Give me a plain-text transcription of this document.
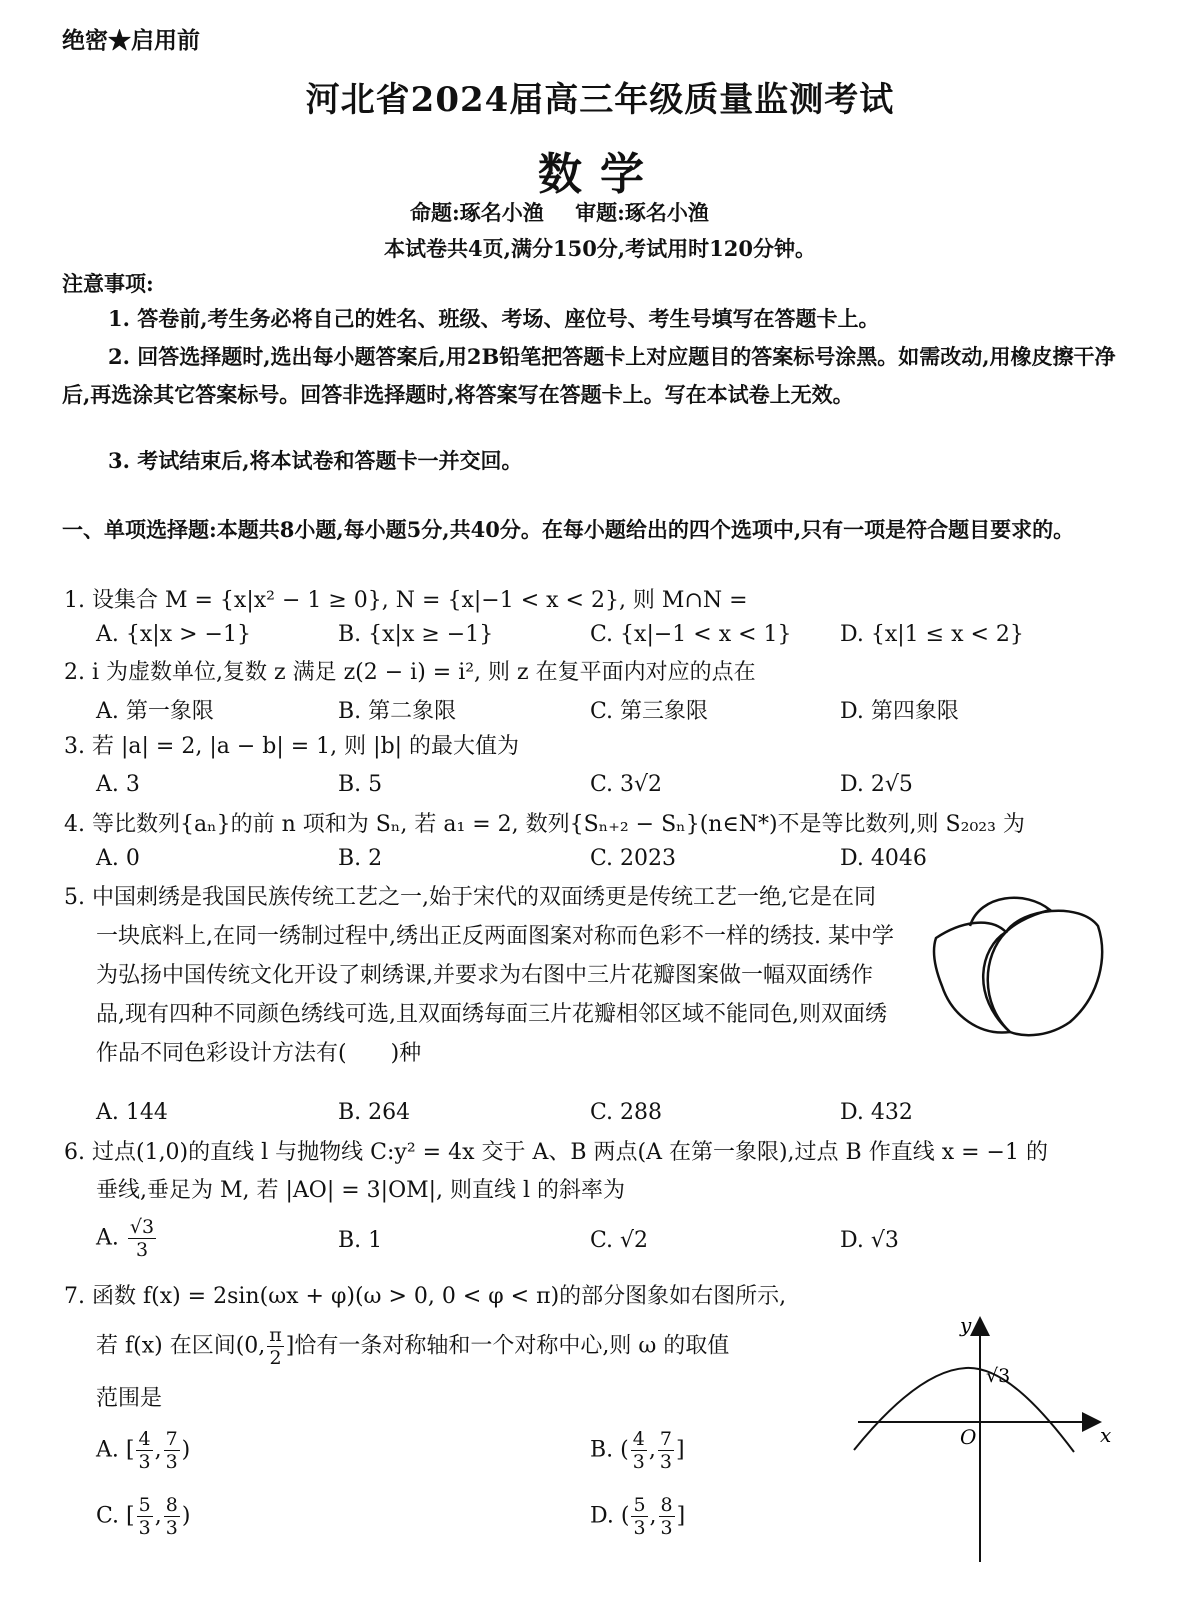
绝密★启用前
河北省2024届高三年级质量监测考试
数学
命题:琢名小渔 审题:琢名小渔
本试卷共4页,满分150分,考试用时120分钟。
注意事项:
1. 答卷前,考生务必将自己的姓名、班级、考场、座位号、考生号填写在答题卡上。
2. 回答选择题时,选出每小题答案后,用2B铅笔把答题卡上对应题目的答案标号涂黑。如需改动,用橡皮擦干净后,再选涂其它答案标号。回答非选择题时,将答案写在答题卡上。写在本试卷上无效。
3. 考试结束后,将本试卷和答题卡一并交回。
一、单项选择题:本题共8小题,每小题5分,共40分。在每小题给出的四个选项中,只有一项是符合题目要求的。
1. 设集合 M = {x|x² − 1 ≥ 0}, N = {x|−1 < x < 2}, 则 M∩N =
A. {x|x > −1}	B. {x|x ≥ −1}	C. {x|−1 < x < 1} D. {x|1 ≤ x < 2}
2. i 为虚数单位,复数 z 满足 z(2 − i) = i², 则 z 在复平面内对应的点在
A. 第一象限	B. 第二象限	C. 第三象限	D. 第四象限
3. 若 |a| = 2, |a − b| = 1, 则 |b| 的最大值为
A. 3	B. 5	C. 3√2	D. 2√5
4. 等比数列{aₙ}的前 n 项和为 Sₙ, 若 a₁ = 2, 数列{Sₙ₊₂ − Sₙ}(n∈N*)不是等比数列,则 S₂₀₂₃ 为
A. 0	B. 2	C. 2023	D. 4046
5. 中国刺绣是我国民族传统工艺之一,始于宋代的双面绣更是传统工艺一绝,它是在同一块底料上,在同一绣制过程中,绣出正反两面图案对称而色彩不一样的绣技. 某中学为弘扬中国传统文化开设了刺绣课,并要求为右图中三片花瓣图案做一幅双面绣作品,现有四种不同颜色绣线可选,且双面绣每面三片花瓣相邻区域不能同色,则双面绣作品不同色彩设计方法有(　　)种
A. 144	B. 264	C. 288	D. 432
6. 过点(1,0)的直线 l 与抛物线 C:y² = 4x 交于 A、B 两点(A 在第一象限),过点 B 作直线 x = −1 的
垂线,垂足为 M, 若 |AO| = 3|OM|, 则直线 l 的斜率为
A. $\frac{√3}{3}$	B. 1	C. √2	D. √3
7. 函数 f(x) = 2sin(ωx + φ)(ω > 0, 0 < φ < π)的部分图象如右图所示,
若 f(x) 在区间(0, $\frac{\pi}{2}$ ]恰有一条对称轴和一个对称中心,则 ω 的取值
范围是
A. [ $\frac{4}{3}$ , $\frac{7}{3}$ )	B. ( $\frac{4}{3}$ , $\frac{7}{3}$ ]
C. [ $\frac{5}{3}$ , $\frac{8}{3}$ )	D. ( $\frac{5}{3}$ , $\frac{8}{3}$ ]
y
x
O
√3
